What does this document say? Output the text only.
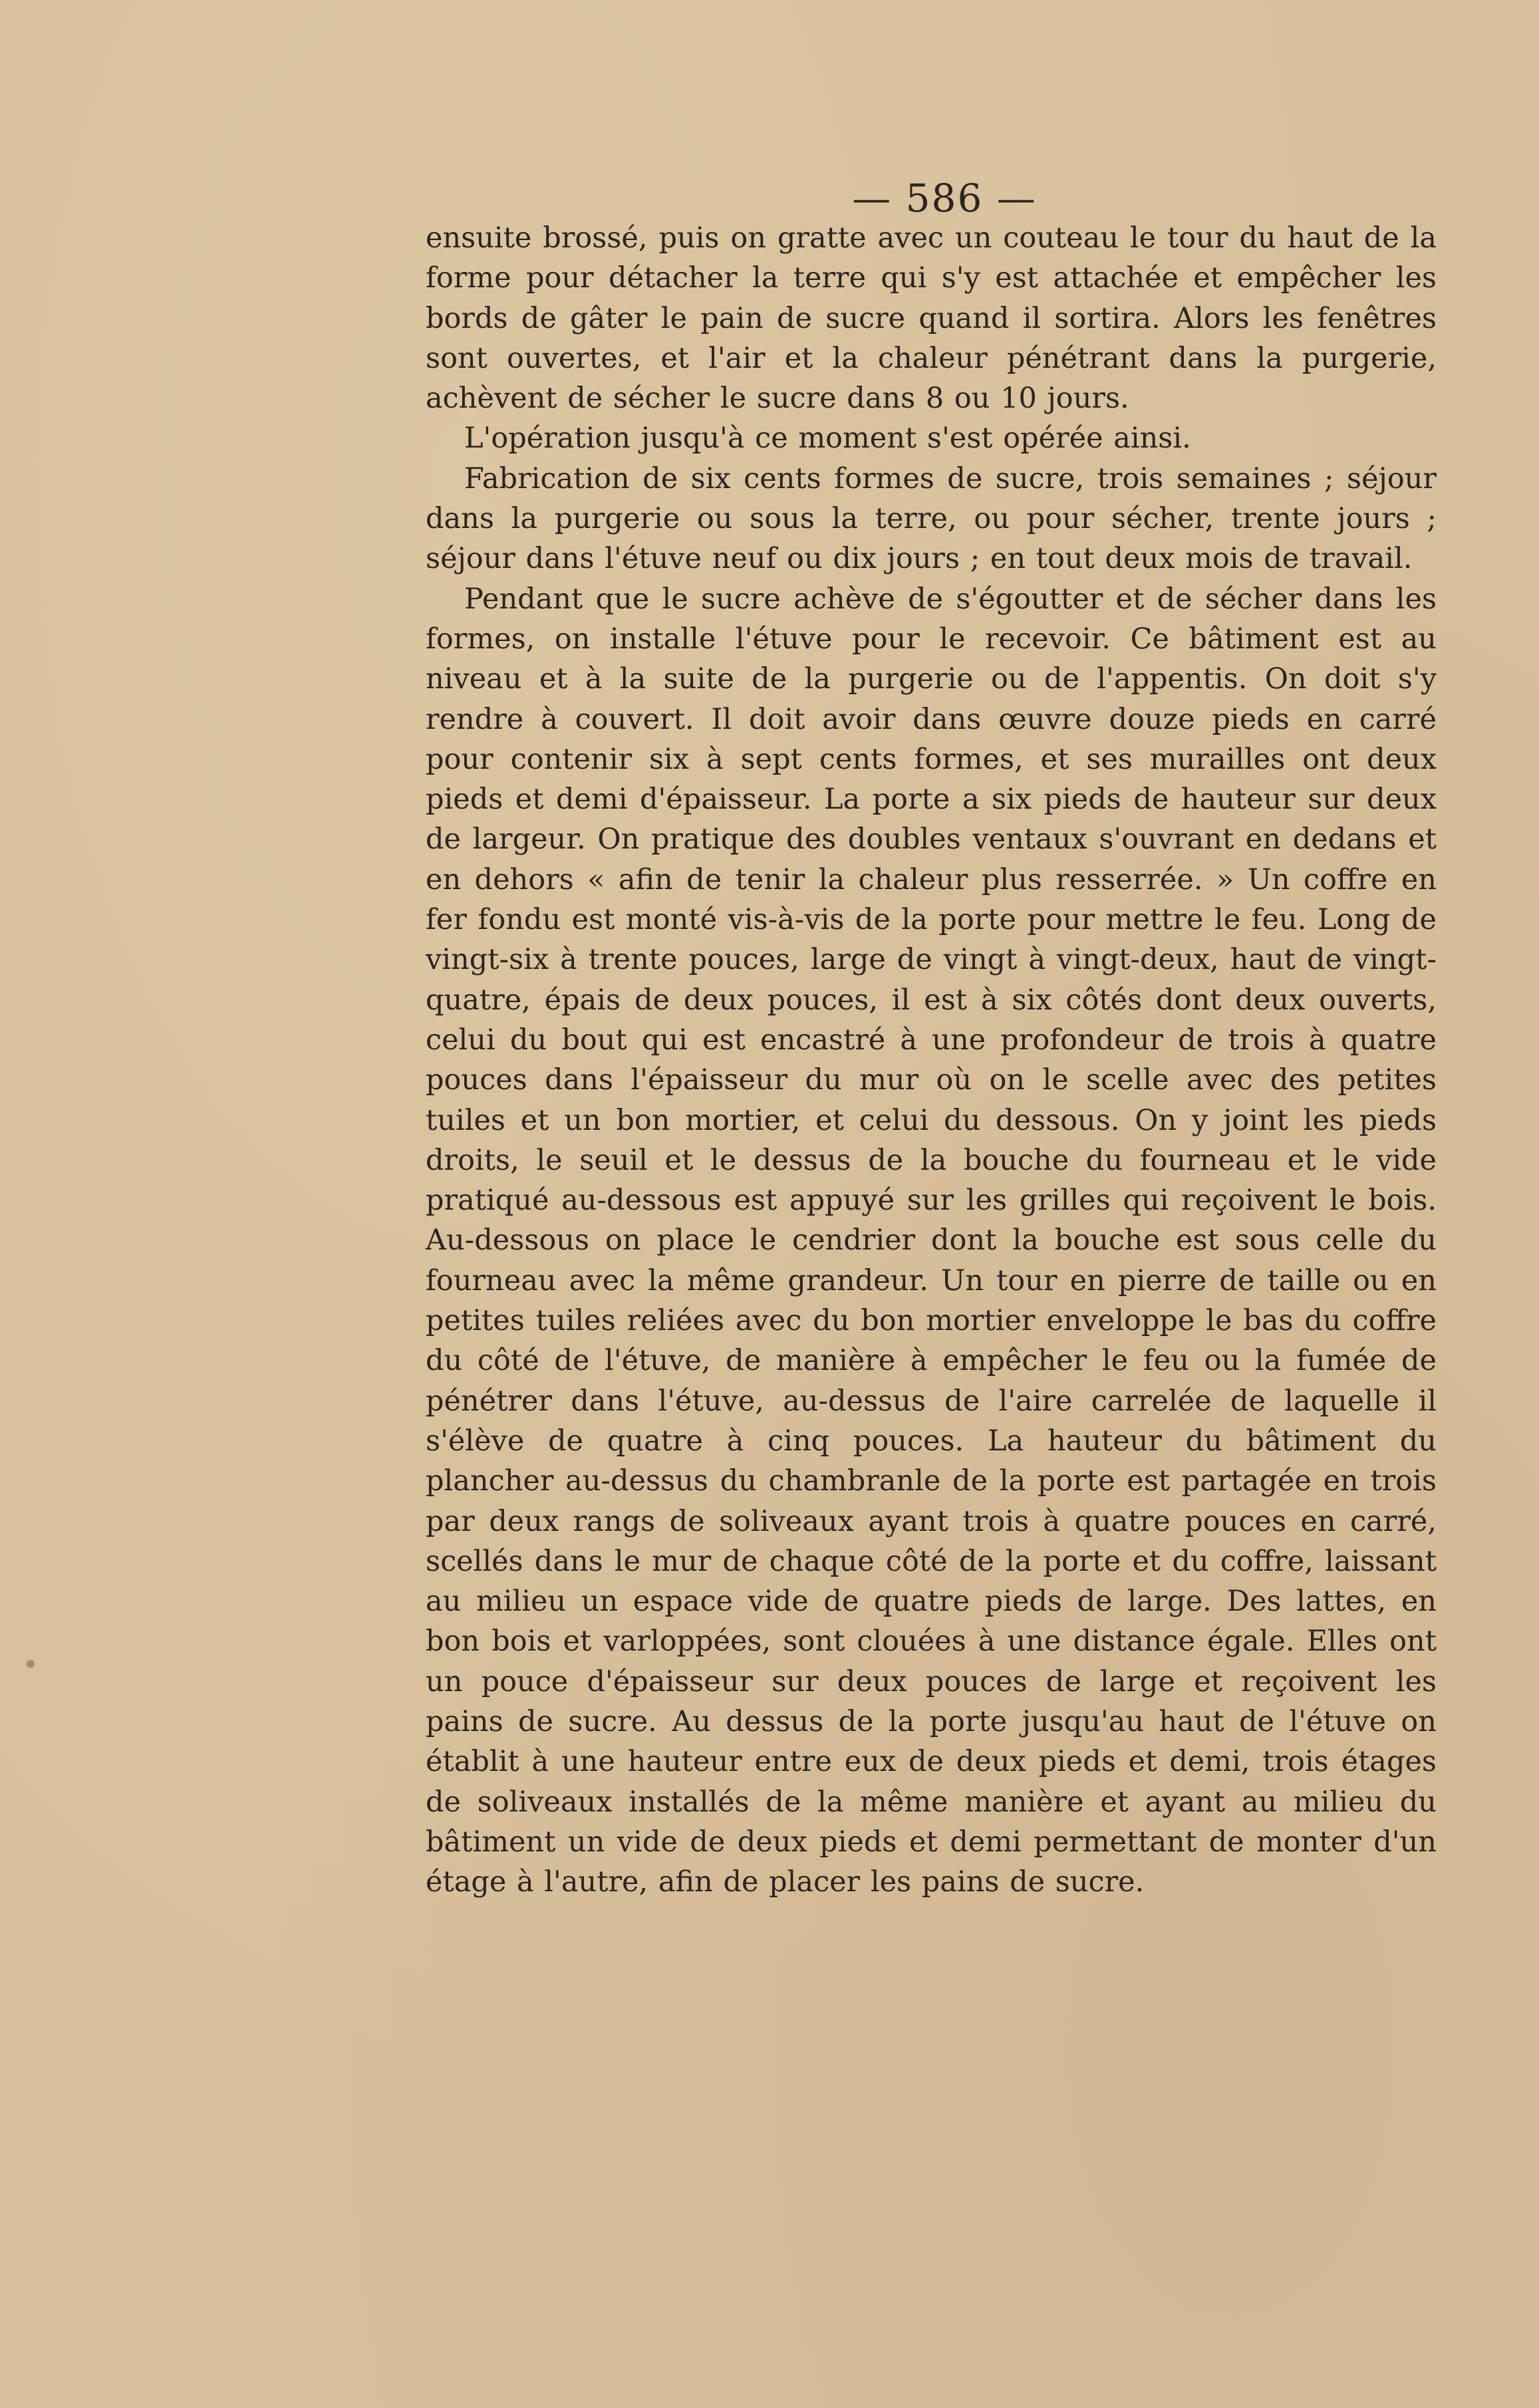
— 586 —

ensuite brossé, puis on gratte avec un couteau le tour du haut de la forme pour détacher la terre qui s'y est attachée et empêcher les bords de gâter le pain de sucre quand il sortira. Alors les fenêtres sont ouvertes, et l'air et la chaleur pénétrant dans la purgerie, achèvent de sécher le sucre dans 8 ou 10 jours.

L'opération jusqu'à ce moment s'est opérée ainsi.

Fabrication de six cents formes de sucre, trois semaines ; séjour dans la purgerie ou sous la terre, ou pour sécher, trente jours ; séjour dans l'étuve neuf ou dix jours ; en tout deux mois de travail.

Pendant que le sucre achève de s'égoutter et de sécher dans les formes, on installe l'étuve pour le recevoir. Ce bâtiment est au niveau et à la suite de la purgerie ou de l'appentis. On doit s'y rendre à couvert. Il doit avoir dans œuvre douze pieds en carré pour contenir six à sept cents formes, et ses murailles ont deux pieds et demi d'épaisseur. La porte a six pieds de hauteur sur deux de largeur. On pratique des doubles ventaux s'ouvrant en dedans et en dehors « afin de tenir la chaleur plus resserrée. » Un coffre en fer fondu est monté vis-à-vis de la porte pour mettre le feu. Long de vingt-six à trente pouces, large de vingt à vingt-deux, haut de vingt-quatre, épais de deux pouces, il est à six côtés dont deux ouverts, celui du bout qui est encastré à une profondeur de trois à quatre pouces dans l'épaisseur du mur où on le scelle avec des petites tuiles et un bon mortier, et celui du dessous. On y joint les pieds droits, le seuil et le dessus de la bouche du fourneau et le vide pratiqué au-dessous est appuyé sur les grilles qui reçoivent le bois. Au-dessous on place le cendrier dont la bouche est sous celle du fourneau avec la même grandeur. Un tour en pierre de taille ou en petites tuiles reliées avec du bon mortier enveloppe le bas du coffre du côté de l'étuve, de manière à empêcher le feu ou la fumée de pénétrer dans l'étuve, au-dessus de l'aire carrelée de laquelle il s'élève de quatre à cinq pouces. La hauteur du bâtiment du plancher au-dessus du chambranle de la porte est partagée en trois par deux rangs de soliveaux ayant trois à quatre pouces en carré, scellés dans le mur de chaque côté de la porte et du coffre, laissant au milieu un espace vide de quatre pieds de large. Des lattes, en bon bois et varloppées, sont clouées à une distance égale. Elles ont un pouce d'épaisseur sur deux pouces de large et reçoivent les pains de sucre. Au dessus de la porte jusqu'au haut de l'étuve on établit à une hauteur entre eux de deux pieds et demi, trois étages de soliveaux installés de la même manière et ayant au milieu du bâtiment un vide de deux pieds et demi permettant de monter d'un étage à l'autre, afin de placer les pains de sucre.
